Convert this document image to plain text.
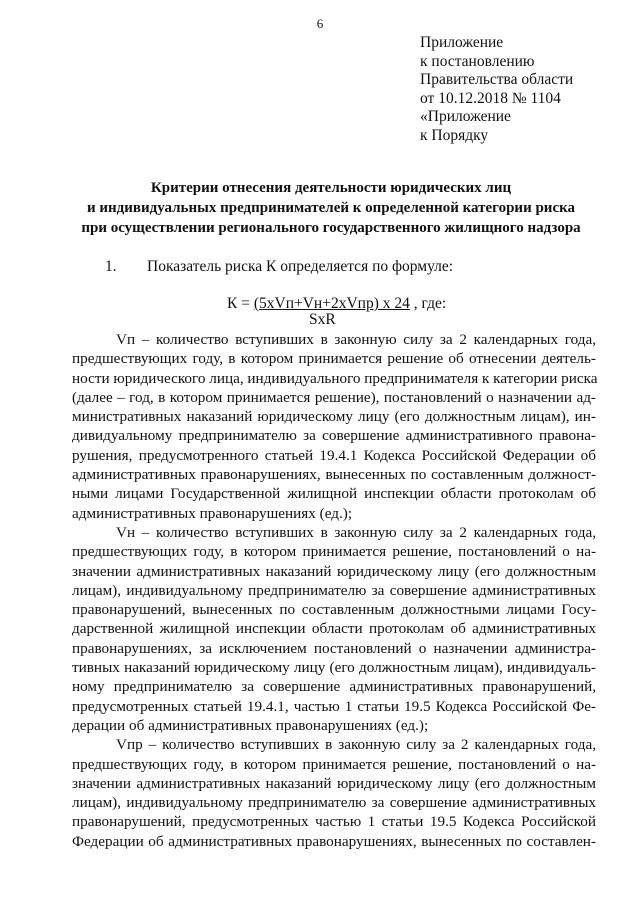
6
Приложение
к постановлению
Правительства области
от 10.12.2018 № 1104
«Приложение
к Порядку
Критерии отнесения деятельности юридических лиц
и индивидуальных предпринимателей к определенной категории риска
при осуществлении регионального государственного жилищного надзора
1. Показатель риска К определяется по формуле:
К = (5хVп+Vн+2хVпр) х 24 , где:
SхR
Vп – количество вступивших в законную силу за 2 календарных года,
предшествующих году, в котором принимается решение об отнесении деятель-
ности юридического лица, индивидуального предпринимателя к категории риска
(далее – год, в котором принимается решение), постановлений о назначении ад-
министративных наказаний юридическому лицу (его должностным лицам), ин-
дивидуальному предпринимателю за совершение административного правона-
рушения, предусмотренного статьей 19.4.1 Кодекса Российской Федерации об
административных правонарушениях, вынесенных по составленным должност-
ными лицами Государственной жилищной инспекции области протоколам об
административных правонарушениях (ед.);
Vн – количество вступивших в законную силу за 2 календарных года,
предшествующих году, в котором принимается решение, постановлений о на-
значении административных наказаний юридическому лицу (его должностным
лицам), индивидуальному предпринимателю за совершение административных
правонарушений, вынесенных по составленным должностными лицами Госу-
дарственной жилищной инспекции области протоколам об административных
правонарушениях, за исключением постановлений о назначении администра-
тивных наказаний юридическому лицу (его должностным лицам), индивидуаль-
ному предпринимателю за совершение административных правонарушений,
предусмотренных статьей 19.4.1, частью 1 статьи 19.5 Кодекса Российской Фе-
дерации об административных правонарушениях (ед.);
Vпр – количество вступивших в законную силу за 2 календарных года,
предшествующих году, в котором принимается решение, постановлений о на-
значении административных наказаний юридическому лицу (его должностным
лицам), индивидуальному предпринимателю за совершение административных
правонарушений, предусмотренных частью 1 статьи 19.5 Кодекса Российской
Федерации об административных правонарушениях, вынесенных по составлен-
